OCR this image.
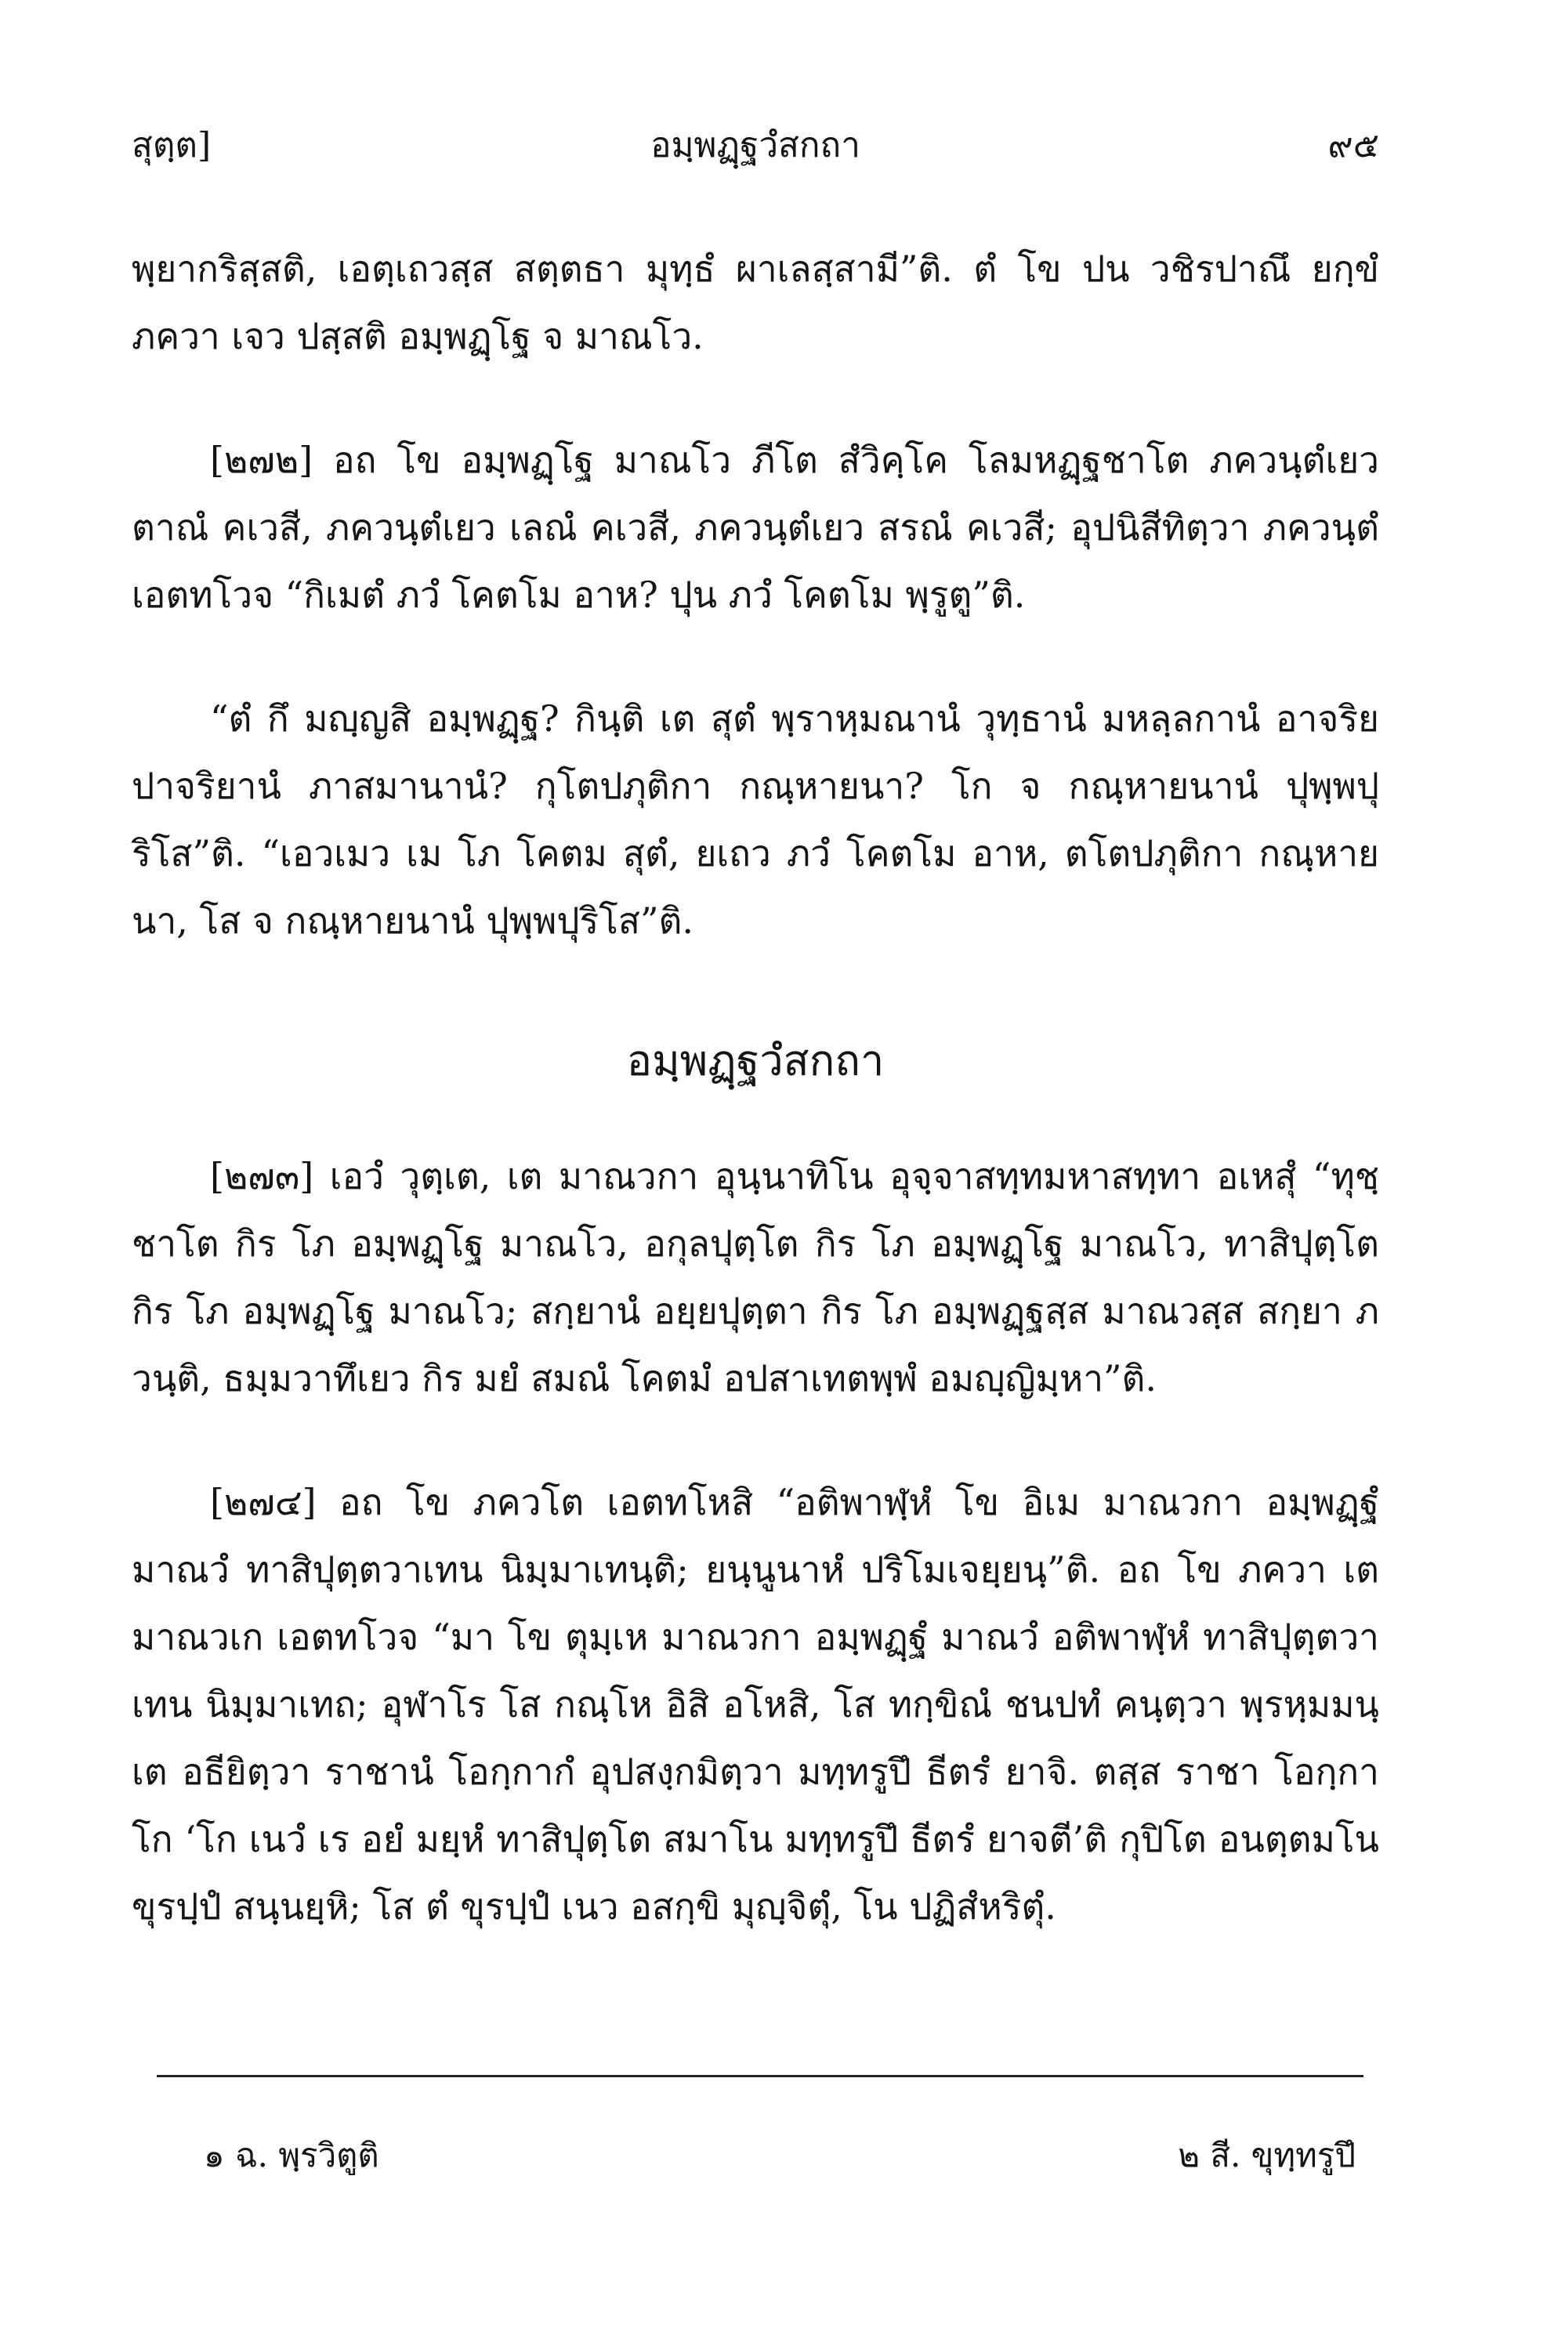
สุตฺต]	อมฺพฏฺฐวํสกถา	๙๕

พฺยากริสฺสติ, เอตฺเถวสฺส สตฺตธา มุทฺธํ ผาเลสฺสามี”ติ. ตํ โข ปน วชิรปาณึ ยกฺขํ ภควา เจว ปสฺสติ อมฺพฏฺโฐ จ มาณโว.

[๒๗๒] อถ โข อมฺพฏฺโฐ มาณโว ภีโต สํวิคฺโค โลมหฏฺฐชาโต ภควนฺตํเยว ตาณํ คเวสี, ภควนฺตํเยว เลณํ คเวสี, ภควนฺตํเยว สรณํ คเวสี; อุปนิสีทิตฺวา ภควนฺตํ เอตทโวจ “กิเมตํ ภวํ โคตโม อาห? ปุน ภวํ โคตโม พฺรูตู”ติ.

“ตํ กึ มญฺญสิ อมฺพฏฺฐ? กินฺติ เต สุตํ พฺราหฺมณานํ วุทฺธานํ มหลฺลกานํ อาจริยปาจริยานํ ภาสมานานํ? กุโตปภุติกา กณฺหายนา? โก จ กณฺหายนานํ ปุพฺพปุริโส”ติ. “เอวเมว เม โภ โคตม สุตํ, ยเถว ภวํ โคตโม อาห, ตโตปภุติกา กณฺหายนา, โส จ กณฺหายนานํ ปุพฺพปุริโส”ติ.

อมฺพฏฺฐวํสกถา

[๒๗๓] เอวํ วุตฺเต, เต มาณวกา อุนฺนาทิโน อุจฺจาสทฺทมหาสทฺทา อเหสุํ “ทุชฺชาโต กิร โภ อมฺพฏฺโฐ มาณโว, อกุลปุตฺโต กิร โภ อมฺพฏฺโฐ มาณโว, ทาสิปุตฺโต กิร โภ อมฺพฏฺโฐ มาณโว; สกฺยานํ อยฺยปุตฺตา กิร โภ อมฺพฏฺฐสฺส มาณวสฺส สกฺยา ภวนฺติ, ธมฺมวาทึเยว กิร มยํ สมณํ โคตมํ อปสาเทตพฺพํ อมญฺญิมฺหา”ติ.

[๒๗๔] อถ โข ภควโต เอตทโหสิ “อติพาฬฺหํ โข อิเม มาณวกา อมฺพฏฺฐํ มาณวํ ทาสิปุตฺตวาเทน นิมฺมาเทนฺติ; ยนฺนูนาหํ ปริโมเจยฺยนฺ”ติ. อถ โข ภควา เต มาณวเก เอตทโวจ “มา โข ตุมฺเห มาณวกา อมฺพฏฺฐํ มาณวํ อติพาฬฺหํ ทาสิปุตฺตวาเทน นิมฺมาเทถ; อุฬาโร โส กณฺโห อิสิ อโหสิ, โส ทกฺขิณํ ชนปทํ คนฺตฺวา พฺรหฺมมนฺเต อธียิตฺวา ราชานํ โอกฺกากํ อุปสงฺกมิตฺวา มทฺทรูปึ ธีตรํ ยาจิ. ตสฺส ราชา โอกฺกาโก ‘โก เนวํ เร อยํ มยฺหํ ทาสิปุตฺโต สมาโน มทฺทรูปึ ธีตรํ ยาจตี’ติ กุปิโต อนตฺตมโน ขุรปฺปํ สนฺนยฺหิ; โส ตํ ขุรปฺปํ เนว อสกฺขิ มุญฺจิตุํ, โน ปฏิสํหริตุํ.

๑ ฉ. พฺรวิตูติ	๒ สี. ขุทฺทรูปึ
